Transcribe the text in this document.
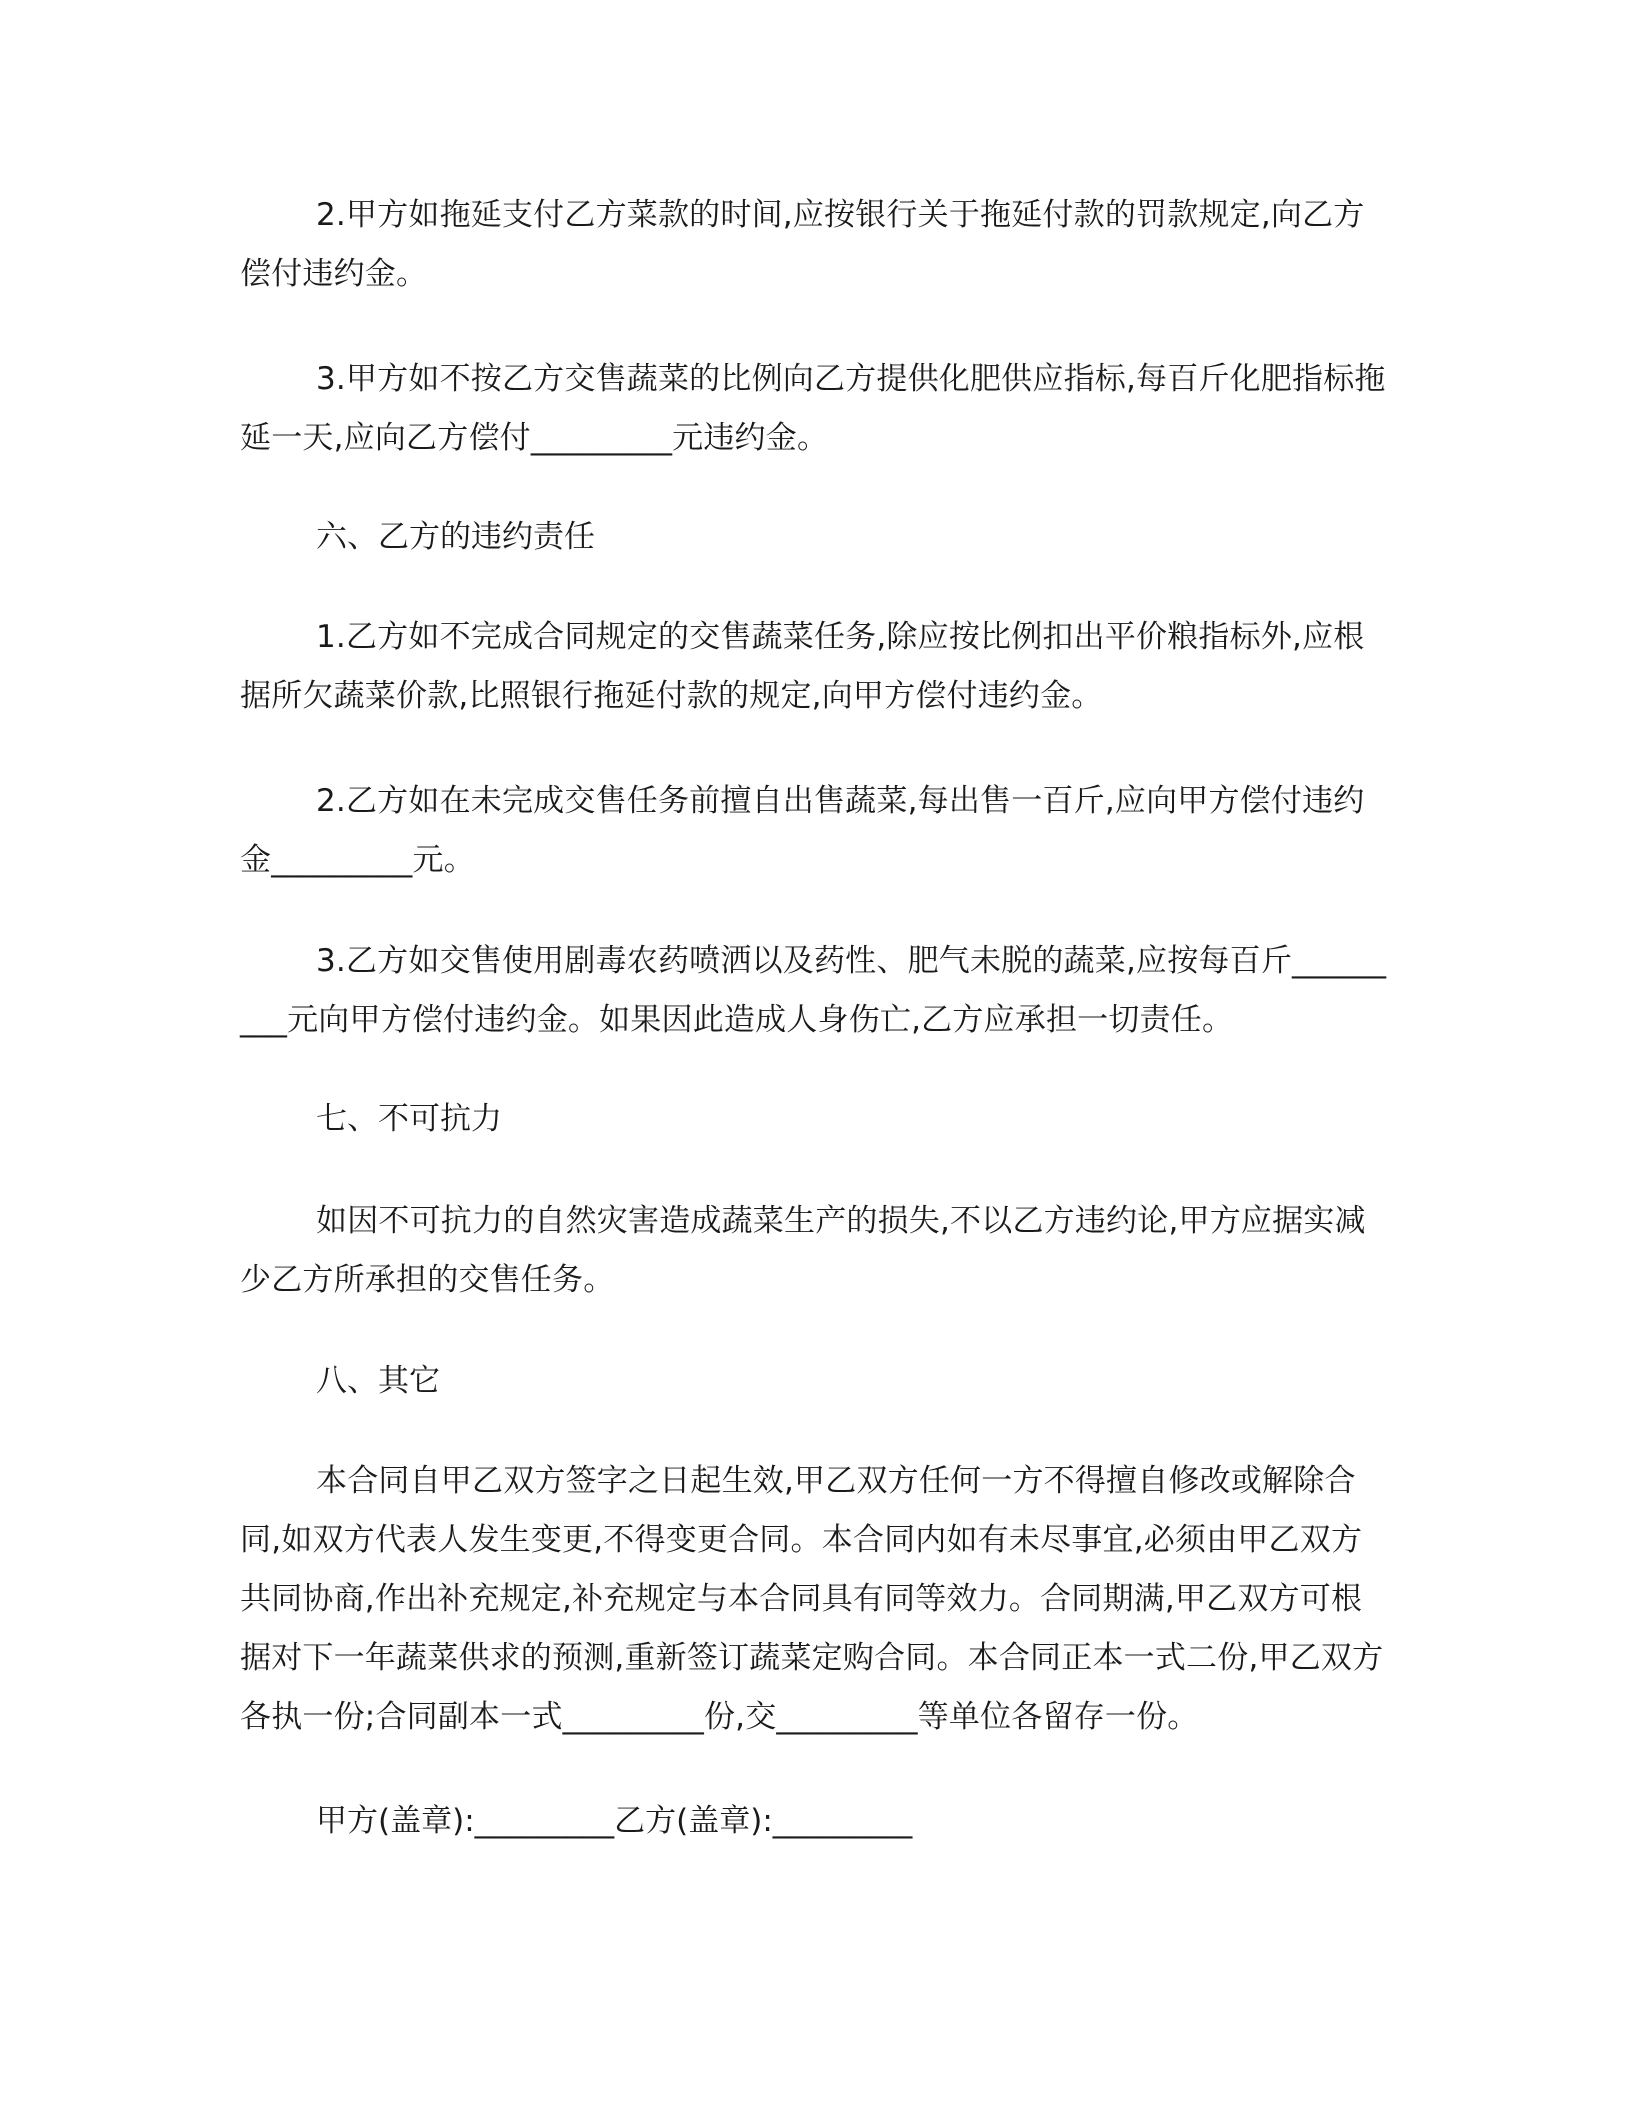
2.甲方如拖延支付乙方菜款的时间,应按银行关于拖延付款的罚款规定,向乙方偿付违约金。

3.甲方如不按乙方交售蔬菜的比例向乙方提供化肥供应指标,每百斤化肥指标拖延一天,应向乙方偿付_________元违约金。

六、乙方的违约责任

1.乙方如不完成合同规定的交售蔬菜任务,除应按比例扣出平价粮指标外,应根据所欠蔬菜价款,比照银行拖延付款的规定,向甲方偿付违约金。

2.乙方如在未完成交售任务前擅自出售蔬菜,每出售一百斤,应向甲方偿付违约金_________元。

3.乙方如交售使用剧毒农药喷洒以及药性、肥气未脱的蔬菜,应按每百斤_________元向甲方偿付违约金。如果因此造成人身伤亡,乙方应承担一切责任。

七、不可抗力

如因不可抗力的自然灾害造成蔬菜生产的损失,不以乙方违约论,甲方应据实减少乙方所承担的交售任务。

八、其它

本合同自甲乙双方签字之日起生效,甲乙双方任何一方不得擅自修改或解除合同,如双方代表人发生变更,不得变更合同。本合同内如有未尽事宜,必须由甲乙双方共同协商,作出补充规定,补充规定与本合同具有同等效力。合同期满,甲乙双方可根据对下一年蔬菜供求的预测,重新签订蔬菜定购合同。本合同正本一式二份,甲乙双方各执一份;合同副本一式_________份,交_________等单位各留存一份。

甲方(盖章):_________乙方(盖章):_________
